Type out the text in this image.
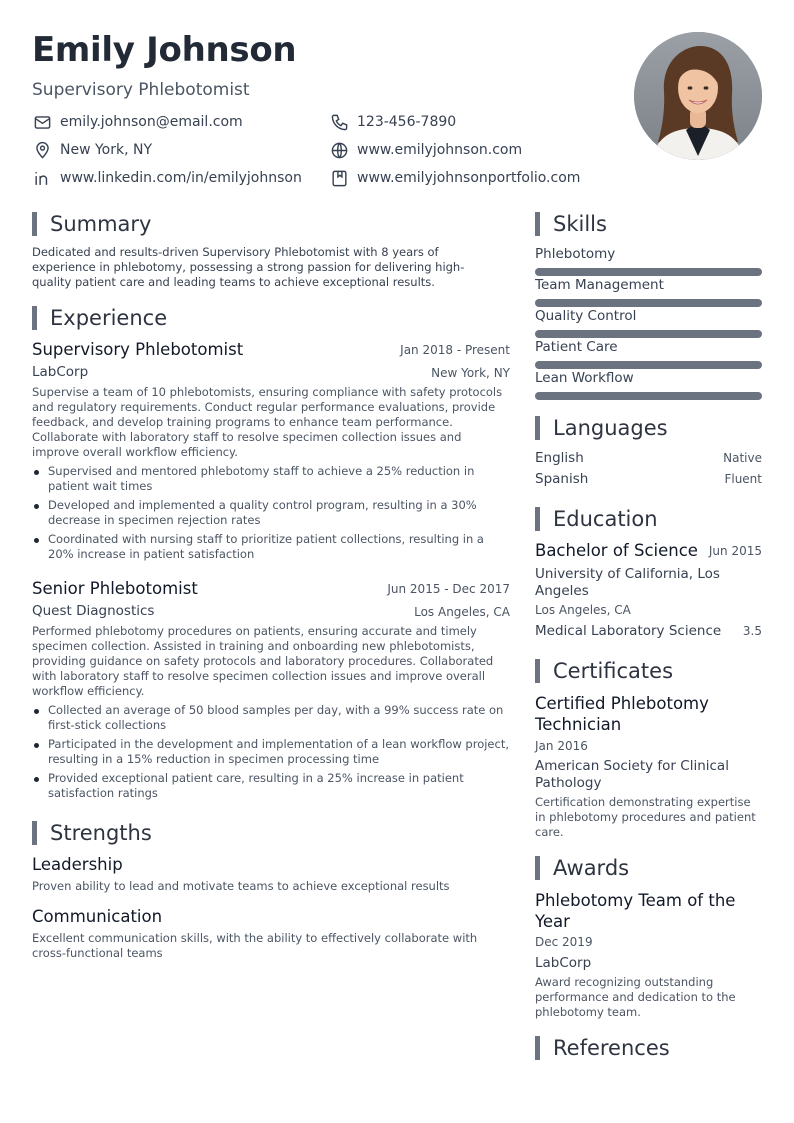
Emily Johnson
Supervisory Phlebotomist
emily.johnson@email.com	123-456-7890
New York, NY	www.emilyjohnson.com
www.linkedin.com/in/emilyjohnson	www.emilyjohnsonportfolio.com
Summary
Dedicated and results-driven Supervisory Phlebotomist with 8 years of experience in phlebotomy, possessing a strong passion for delivering high-quality patient care and leading teams to achieve exceptional results.
Experience
Supervisory Phlebotomist	Jan 2018 - Present
LabCorp	New York, NY
Supervise a team of 10 phlebotomists, ensuring compliance with safety protocols and regulatory requirements. Conduct regular performance evaluations, provide feedback, and develop training programs to enhance team performance. Collaborate with laboratory staff to resolve specimen collection issues and improve overall workflow efficiency.
Supervised and mentored phlebotomy staff to achieve a 25% reduction in patient wait times
Developed and implemented a quality control program, resulting in a 30% decrease in specimen rejection rates
Coordinated with nursing staff to prioritize patient collections, resulting in a 20% increase in patient satisfaction
Senior Phlebotomist	Jun 2015 - Dec 2017
Quest Diagnostics	Los Angeles, CA
Performed phlebotomy procedures on patients, ensuring accurate and timely specimen collection. Assisted in training and onboarding new phlebotomists, providing guidance on safety protocols and laboratory procedures. Collaborated with laboratory staff to resolve specimen collection issues and improve overall workflow efficiency.
Collected an average of 50 blood samples per day, with a 99% success rate on first-stick collections
Participated in the development and implementation of a lean workflow project, resulting in a 15% reduction in specimen processing time
Provided exceptional patient care, resulting in a 25% increase in patient satisfaction ratings
Strengths
Leadership
Proven ability to lead and motivate teams to achieve exceptional results
Communication
Excellent communication skills, with the ability to effectively collaborate with cross-functional teams
Skills
Phlebotomy
Team Management
Quality Control
Patient Care
Lean Workflow
Languages
English	Native
Spanish	Fluent
Education
Bachelor of Science Jun 2015
University of California, Los Angeles
Los Angeles, CA
Medical Laboratory Science	3.5
Certificates
Certified Phlebotomy Technician
Jan 2016
American Society for Clinical Pathology
Certification demonstrating expertise in phlebotomy procedures and patient care.
Awards
Phlebotomy Team of the Year
Dec 2019
LabCorp
Award recognizing outstanding performance and dedication to the phlebotomy team.
References
